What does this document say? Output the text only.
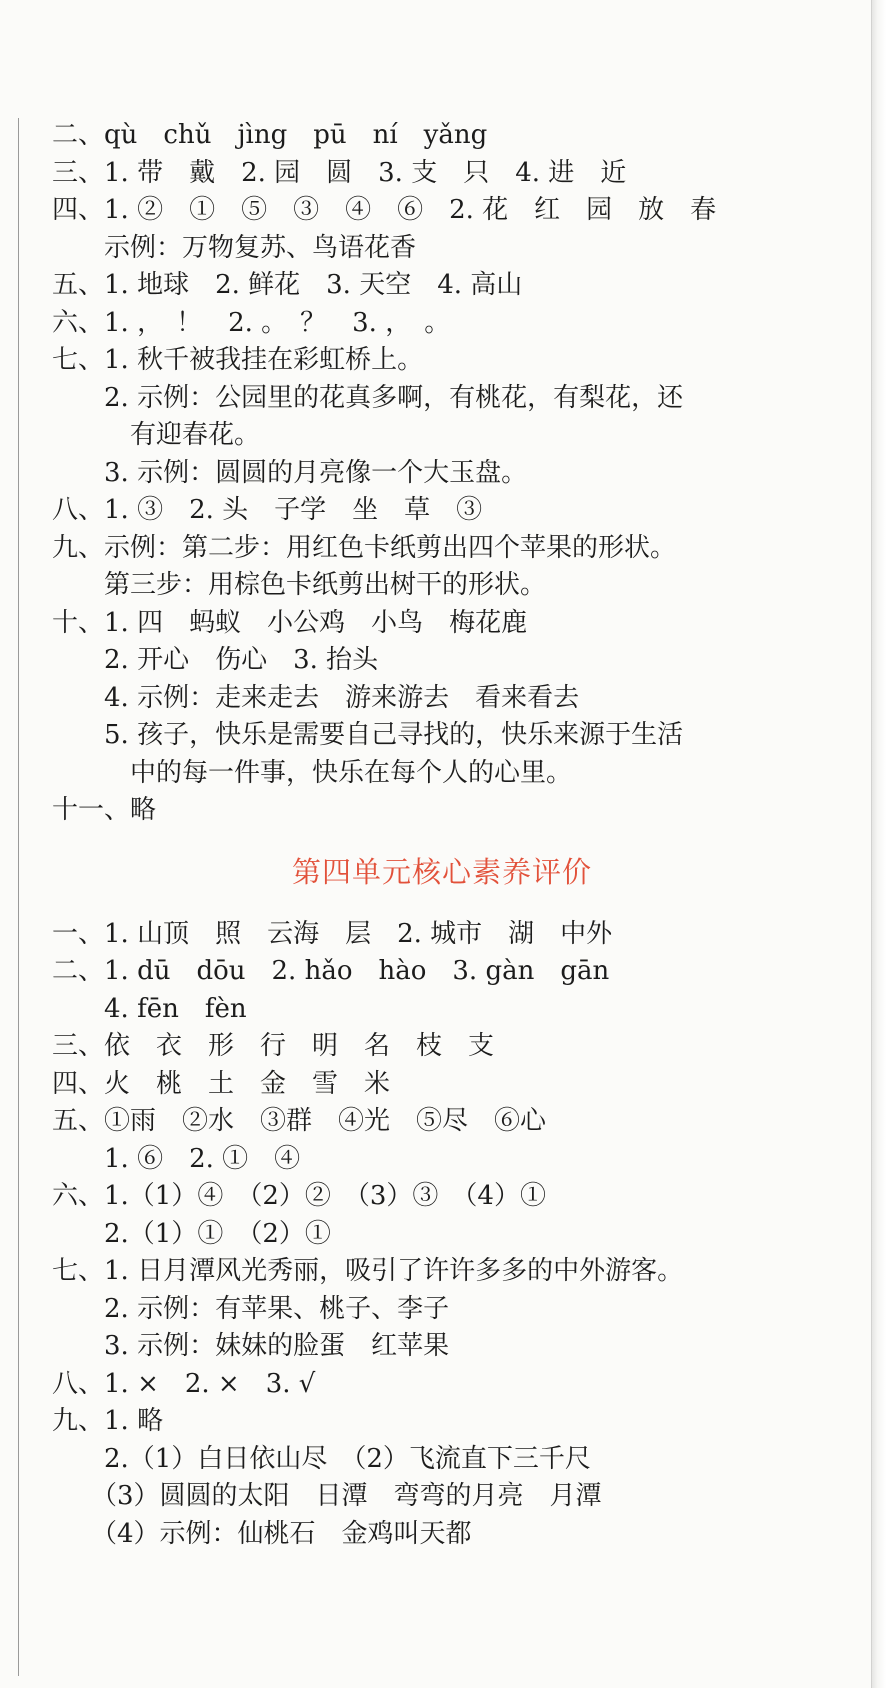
二、qù　chǔ　jìng　pū　ní　yǎng
三、1. 带　戴　2. 园　圆　3. 支　只　4. 进　近
四、1. ②　①　⑤　③　④　⑥　2. 花　红　园　放　春
　　示例：万物复苏、鸟语花香
五、1. 地球　2. 鲜花　3. 天空　4. 高山
六、1. ，　！　2. 。　？　3. ，　。
七、1. 秋千被我挂在彩虹桥上。
　　2. 示例：公园里的花真多啊，有桃花，有梨花，还
　　　有迎春花。
　　3. 示例：圆圆的月亮像一个大玉盘。
八、1. ③　2. 头　子学　坐　草　③
九、示例：第二步：用红色卡纸剪出四个苹果的形状。
　　第三步：用棕色卡纸剪出树干的形状。
十、1. 四　蚂蚁　小公鸡　小鸟　梅花鹿
　　2. 开心　伤心　3. 抬头
　　4. 示例：走来走去　游来游去　看来看去
　　5. 孩子，快乐是需要自己寻找的，快乐来源于生活
　　　中的每一件事，快乐在每个人的心里。
十一、略
第四单元核心素养评价
一、1. 山顶　照　云海　层　2. 城市　湖　中外
二、1. dū　dōu　2. hǎo　hào　3. gàn　gān
　　4. fēn　fèn
三、依　衣　形　行　明　名　枝　支
四、火　桃　土　金　雪　米
五、①雨　②水　③群　④光　⑤尽　⑥心
　　1. ⑥　2. ①　④
六、1.（1）④　（2）②　（3）③　（4）①
　　2.（1）①　（2）①
七、1. 日月潭风光秀丽，吸引了许许多多的中外游客。
　　2. 示例：有苹果、桃子、李子
　　3. 示例：妹妹的脸蛋　红苹果
八、1. ×　2. ×　3. √
九、1. 略
　　2.（1）白日依山尽　（2）飞流直下三千尺
　　（3）圆圆的太阳　日潭　弯弯的月亮　月潭
　　（4）示例：仙桃石　金鸡叫天都
